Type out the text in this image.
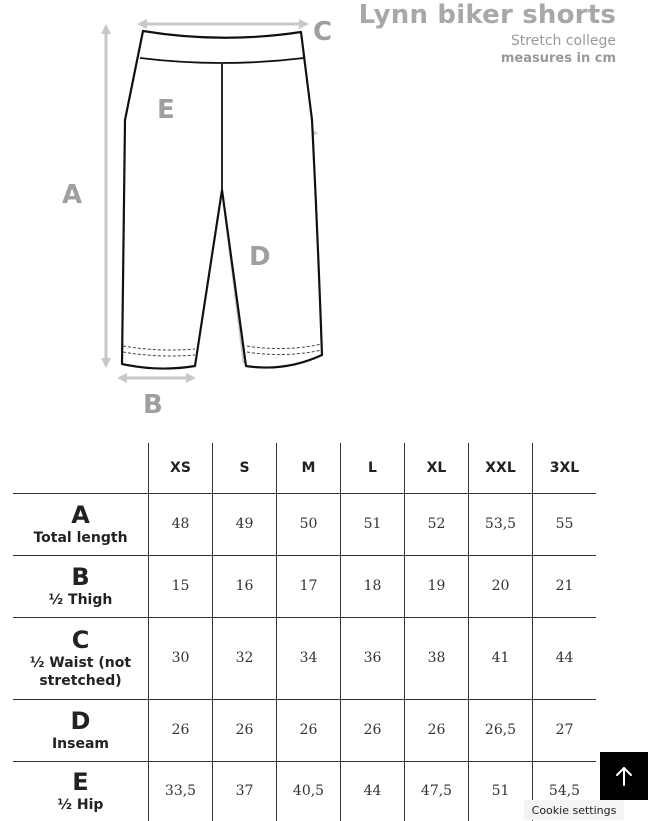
Lynn biker shorts
Stretch college
measures in cm
A
B
C
D
E
	XS	S	M	L	XL	XXL	3XL

A
Total length	48	49	50	51	52	53,5	55

B
½ Thigh	15	16	17	18	19	20	21

C
½ Waist (not stretched)	30	32	34	36	38	41	44

D
Inseam	26	26	26	26	26	26,5	27

E
½ Hip	33,5	37	40,5	44	47,5	51	54,5
Cookie settings
